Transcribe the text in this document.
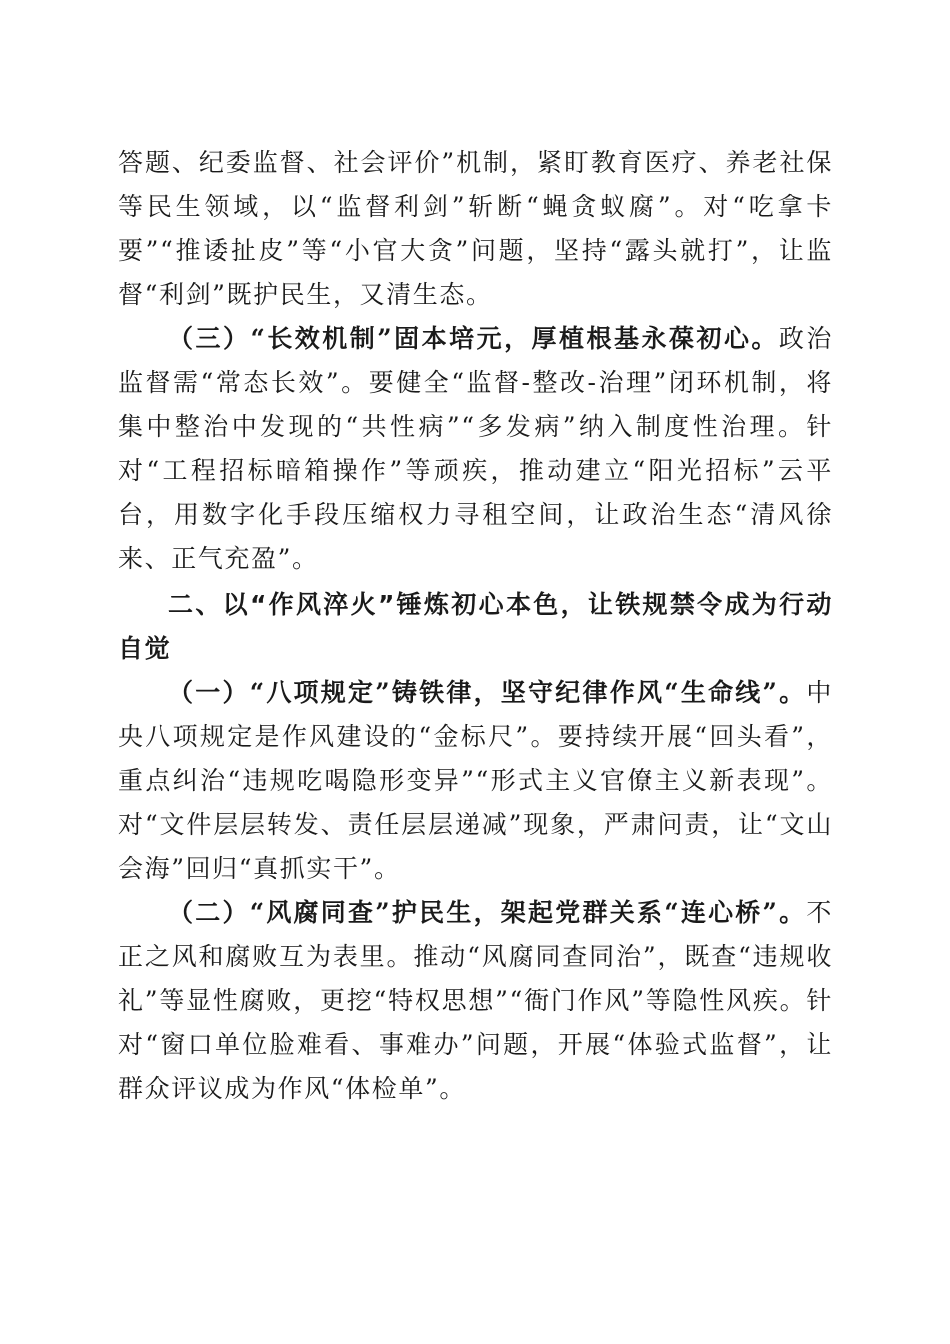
答题、纪委监督、社会评价”机制，紧盯教育医疗、养老社保等民生领域，以“监督利剑”斩断“蝇贪蚁腐”。对“吃拿卡要”“推诿扯皮”等“小官大贪”问题，坚持“露头就打”，让监督“利剑”既护民生，又清生态。

（三）“长效机制”固本培元，厚植根基永葆初心。政治监督需“常态长效”。要健全“监督-整改-治理”闭环机制，将集中整治中发现的“共性病”“多发病”纳入制度性治理。针对“工程招标暗箱操作”等顽疾，推动建立“阳光招标”云平台，用数字化手段压缩权力寻租空间，让政治生态“清风徐来、正气充盈”。

二、以“作风淬火”锤炼初心本色，让铁规禁令成为行动自觉

（一）“八项规定”铸铁律，坚守纪律作风“生命线”。中央八项规定是作风建设的“金标尺”。要持续开展“回头看”，重点纠治“违规吃喝隐形变异”“形式主义官僚主义新表现”。对“文件层层转发、责任层层递减”现象，严肃问责，让“文山会海”回归“真抓实干”。

（二）“风腐同查”护民生，架起党群关系“连心桥”。不正之风和腐败互为表里。推动“风腐同查同治”，既查“违规收礼”等显性腐败，更挖“特权思想”“衙门作风”等隐性风疾。针对“窗口单位脸难看、事难办”问题，开展“体验式监督”，让群众评议成为作风“体检单”。
